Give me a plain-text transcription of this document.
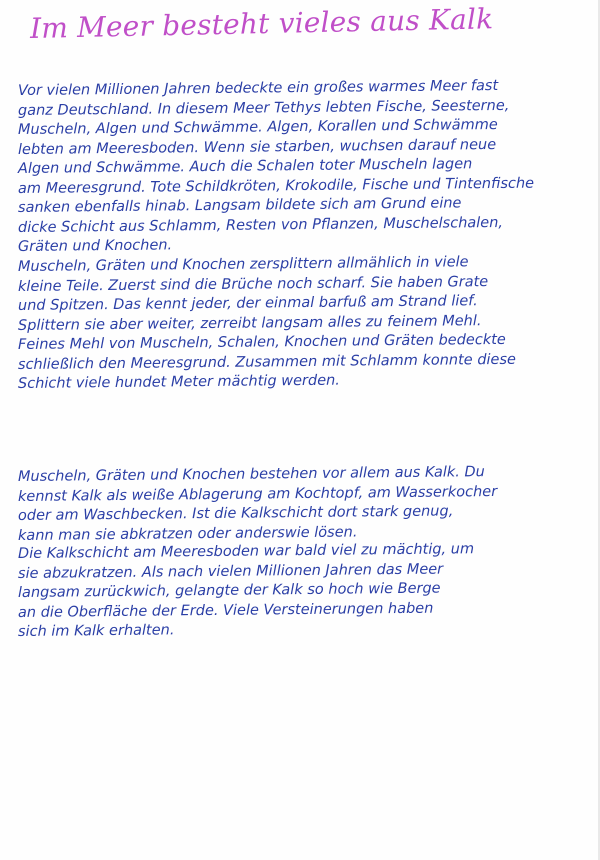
Im Meer besteht vieles aus Kalk
Vor vielen Millionen Jahren bedeckte ein großes warmes Meer fast
ganz Deutschland. In diesem Meer Tethys lebten Fische, Seesterne,
Muscheln, Algen und Schwämme. Algen, Korallen und Schwämme
lebten am Meeresboden. Wenn sie starben, wuchsen darauf neue
Algen und Schwämme. Auch die Schalen toter Muscheln lagen
am Meeresgrund. Tote Schildkröten, Krokodile, Fische und Tintenfische
sanken ebenfalls hinab. Langsam bildete sich am Grund eine
dicke Schicht aus Schlamm, Resten von Pflanzen, Muschelschalen,
Gräten und Knochen.
Muscheln, Gräten und Knochen zersplittern allmählich in viele
kleine Teile. Zuerst sind die Brüche noch scharf. Sie haben Grate
und Spitzen. Das kennt jeder, der einmal barfuß am Strand lief.
Splittern sie aber weiter, zerreibt langsam alles zu feinem Mehl.
Feines Mehl von Muscheln, Schalen, Knochen und Gräten bedeckte
schließlich den Meeresgrund. Zusammen mit Schlamm konnte diese
Schicht viele hundet Meter mächtig werden.
Muscheln, Gräten und Knochen bestehen vor allem aus Kalk. Du
kennst Kalk als weiße Ablagerung am Kochtopf, am Wasserkocher
oder am Waschbecken. Ist die Kalkschicht dort stark genug,
kann man sie abkratzen oder anderswie lösen.
Die Kalkschicht am Meeresboden war bald viel zu mächtig, um
sie abzukratzen. Als nach vielen Millionen Jahren das Meer
langsam zurückwich, gelangte der Kalk so hoch wie Berge
an die Oberfläche der Erde. Viele Versteinerungen haben
sich im Kalk erhalten.
